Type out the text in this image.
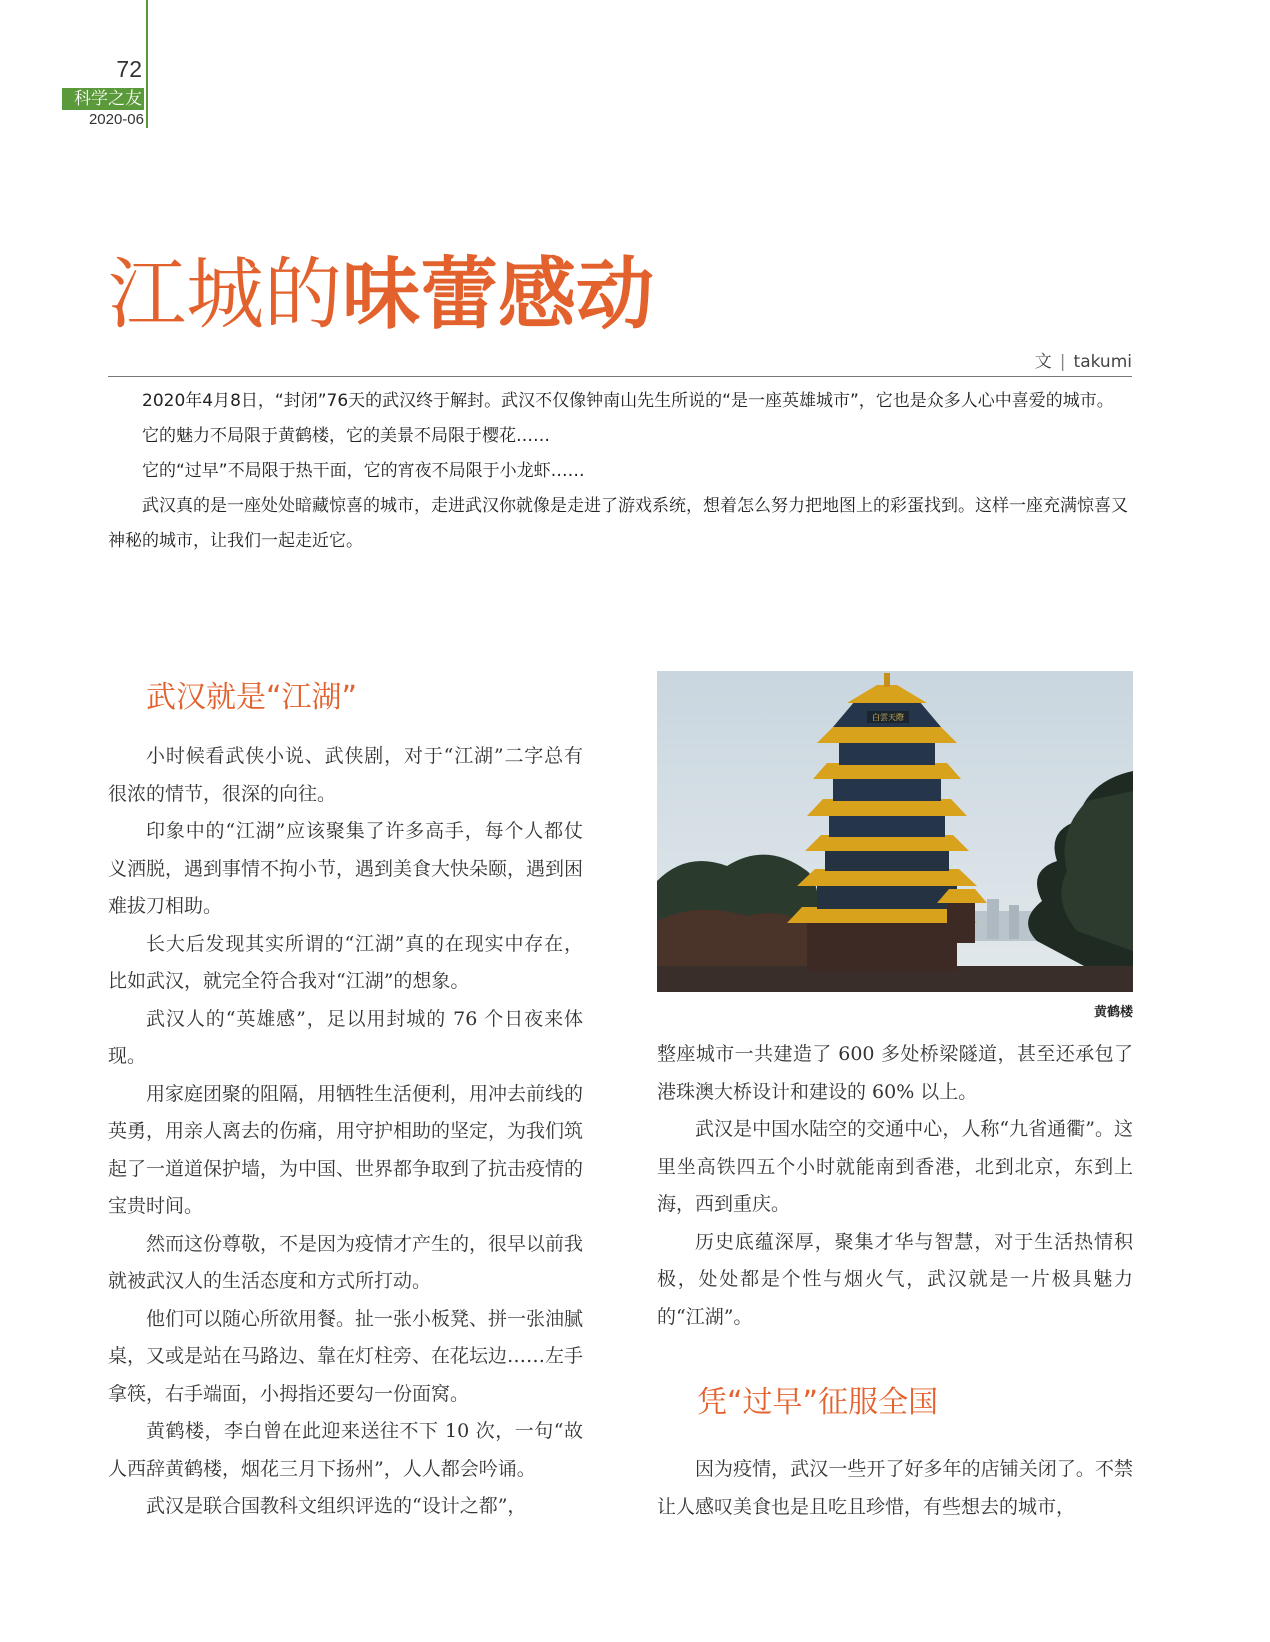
72
科学之友
2020-06
江城的味蕾感动
文 | takumi

2020年4月8日，“封闭”76天的武汉终于解封。武汉不仅像钟南山先生所说的“是一座英雄城市”，它也是众多人心中喜爱的城市。

它的魅力不局限于黄鹤楼，它的美景不局限于樱花……

它的“过早”不局限于热干面，它的宵夜不局限于小龙虾……

武汉真的是一座处处暗藏惊喜的城市，走进武汉你就像是走进了游戏系统，想着怎么努力把地图上的彩蛋找到。这样一座充满惊喜又神秘的城市，让我们一起走近它。

武汉就是“江湖”

小时候看武侠小说、武侠剧，对于“江湖”二字总有很浓的情节，很深的向往。

印象中的“江湖”应该聚集了许多高手，每个人都仗义洒脱，遇到事情不拘小节，遇到美食大快朵颐，遇到困难拔刀相助。

长大后发现其实所谓的“江湖”真的在现实中存在，比如武汉，就完全符合我对“江湖”的想象。

武汉人的“英雄感”，足以用封城的 76 个日夜来体现。

用家庭团聚的阻隔，用牺牲生活便利，用冲去前线的英勇，用亲人离去的伤痛，用守护相助的坚定，为我们筑起了一道道保护墙，为中国、世界都争取到了抗击疫情的宝贵时间。

然而这份尊敬，不是因为疫情才产生的，很早以前我就被武汉人的生活态度和方式所打动。

他们可以随心所欲用餐。扯一张小板凳、拼一张油腻桌，又或是站在马路边、靠在灯柱旁、在花坛边……左手拿筷，右手端面，小拇指还要勾一份面窝。

黄鹤楼，李白曾在此迎来送往不下 10 次，一句“故人西辞黄鹤楼，烟花三月下扬州”，人人都会吟诵。

武汉是联合国教科文组织评选的“设计之都”，

白雲天際
黄鹤楼

整座城市一共建造了 600 多处桥梁隧道，甚至还承包了港珠澳大桥设计和建设的 60% 以上。

武汉是中国水陆空的交通中心，人称“九省通衢”。这里坐高铁四五个小时就能南到香港，北到北京，东到上海，西到重庆。

历史底蕴深厚，聚集才华与智慧，对于生活热情积极，处处都是个性与烟火气，武汉就是一片极具魅力的“江湖”。

凭“过早”征服全国

因为疫情，武汉一些开了好多年的店铺关闭了。不禁让人感叹美食也是且吃且珍惜，有些想去的城市，
